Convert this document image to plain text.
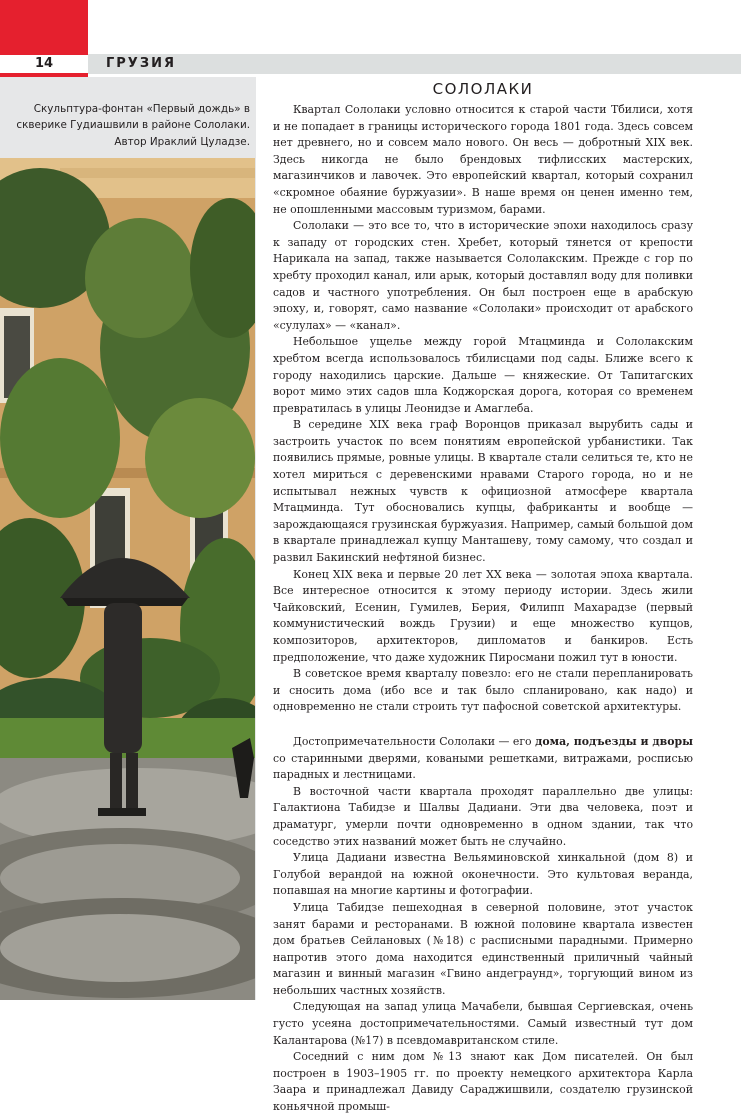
14	ГРУЗИЯ
Скульптура-фонтан «Первый дождь» в скверике Гудиашвили в районе Сололаки. Автор Ираклий Цуладзе.
СОЛОЛАКИ

Квартал Сололаки условно относится к старой части Тбилиси, хотя и не попадает в границы исторического города 1801 года. Здесь совсем нет древнего, но и совсем мало нового. Он весь — добротный XIX век. Здесь никогда не было брендовых тифлисских мастерских, магазинчиков и лавочек. Это европейский квартал, который сохранил «скромное обаяние буржуазии». В наше время он ценен именно тем, не опошленными массовым туризмом, барами.

Сололаки — это все то, что в исторические эпохи находилось сразу к западу от городских стен. Хребет, который тянется от крепости Нарикала на запад, также называется Сололакским. Прежде с гор по хребту проходил канал, или арык, который доставлял воду для поливки садов и частного употребления. Он был построен еще в арабскую эпоху, и, говорят, само название «Сололаки» происходит от арабского «сулулах» — «канал».

Небольшое ущелье между горой Мтацминда и Сололакским хребтом всегда использовалось тбилисцами под сады. Ближе всего к городу находились царские. Дальше — княжеские. От Тапитагских ворот мимо этих садов шла Коджорская дорога, которая со временем превратилась в улицы Леонидзе и Амаглеба.

В середине XIX века граф Воронцов приказал вырубить сады и застроить участок по всем понятиям европейской урбанистики. Так появились прямые, ровные улицы. В квартале стали селиться те, кто не хотел мириться с деревенскими нравами Старого города, но и не испытывал нежных чувств к официозной атмосфере квартала Мтацминда. Тут обосновались купцы, фабриканты и вообще — зарождающаяся грузинская буржуазия. Например, самый большой дом в квартале принадлежал купцу Манташеву, тому самому, что создал и развил Бакинский нефтяной бизнес.

Конец XIX века и первые 20 лет XX века — золотая эпоха квартала. Все интересное относится к этому периоду истории. Здесь жили Чайковский, Есенин, Гумилев, Берия, Филипп Махарадзе (первый коммунистический вождь Грузии) и еще множество купцов, композиторов, архитекторов, дипломатов и банкиров. Есть предположение, что даже художник Пиросмани пожил тут в юности.

В советское время кварталу повезло: его не стали перепланировать и сносить дома (ибо все и так было спланировано, как надо) и одновременно не стали строить тут пафосной советской архитектуры.

Достопримечательности Сололаки — его дома, подъезды и дворы со старинными дверями, коваными решетками, витражами, росписью парадных и лестницами.

В восточной части квартала проходят параллельно две улицы: Галактиона Табидзе и Шалвы Дадиани. Эти два человека, поэт и драматург, умерли почти одновременно в одном здании, так что соседство этих названий может быть не случайно.

Улица Дадиани известна Вельяминовской хинкальной (дом 8) и Голубой верандой на южной оконечности. Это культовая веранда, попавшая на многие картины и фотографии.

Улица Табидзе пешеходная в северной половине, этот участок занят барами и ресторанами. В южной половине квартала известен дом братьев Сейлановых (№18) с расписными парадными. Примерно напротив этого дома находится единственный приличный чайный магазин и винный магазин «Гвино андеграунд», торгующий вином из небольших частных хозяйств.

Следующая на запад улица Мачабели, бывшая Сергиевская, очень густо усеяна достопримечательностями. Самый известный тут дом Калантарова (№17) в псевдомавританском стиле.

Соседний с ним дом №13 знают как Дом писателей. Он был построен в 1903–1905 гг. по проекту немецкого архитектора Карла Заара и принадлежал Давиду Сараджишвили, создателю грузинской коньячной промыш-
